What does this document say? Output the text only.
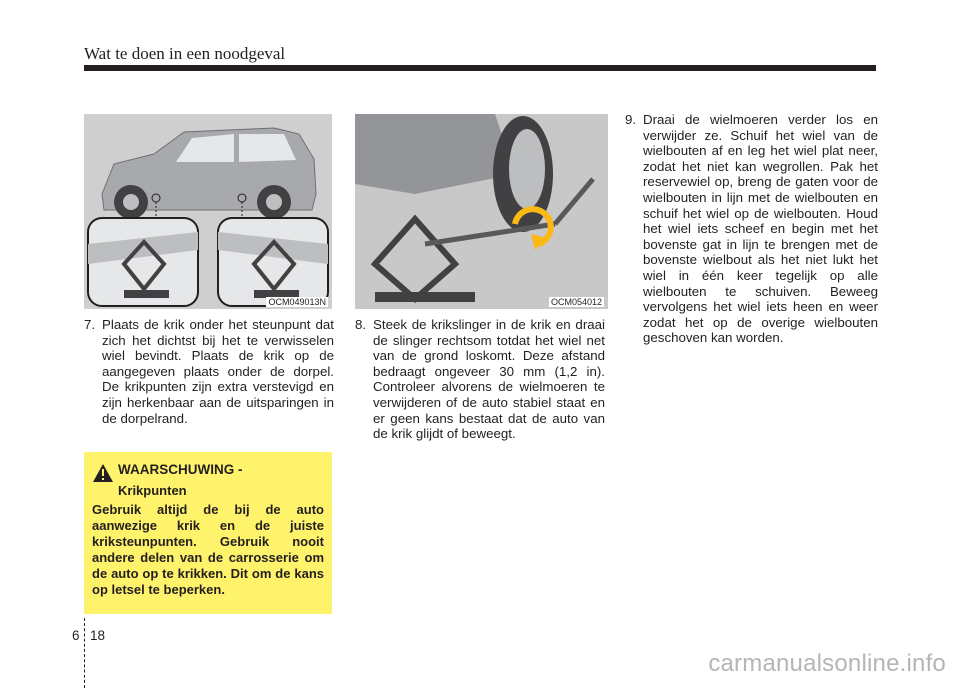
Wat te doen in een noodgeval
OCM049013N	OCM054012
7. Plaats de krik onder het steunpunt dat zich het dichtst bij het te verwisselen wiel bevindt. Plaats de krik op de aangegeven plaats onder de dorpel. De krikpunten zijn extra verstevigd en zijn herkenbaar aan de uitsparingen in de dorpelrand.
8. Steek de krikslinger in de krik en draai de slinger rechtsom totdat het wiel net van de grond loskomt. Deze afstand bedraagt ongeveer 30 mm (1,2 in). Controleer alvorens de wielmoeren te verwijderen of de auto stabiel staat en er geen kans bestaat dat de auto van de krik glijdt of beweegt.
9. Draai de wielmoeren verder los en verwijder ze. Schuif het wiel van de wielbouten af en leg het wiel plat neer, zodat het niet kan wegrollen. Pak het reservewiel op, breng de gaten voor de wielbouten in lijn met de wielbouten en schuif het wiel op de wielbouten. Houd het wiel iets scheef en begin met het bovenste gat in lijn te brengen met de bovenste wielbout als het niet lukt het wiel in één keer tegelijk op alle wielbouten te schuiven. Beweeg vervolgens het wiel iets heen en weer zodat het op de overige wielbouten geschoven kan worden.
WAARSCHUWING -
Krikpunten
Gebruik altijd de bij de auto aanwezige krik en de juiste kriksteunpunten. Gebruik nooit andere delen van de carrosserie om de auto op te krikken. Dit om de kans op letsel te beperken.
6 18
carmanualsonline.info
